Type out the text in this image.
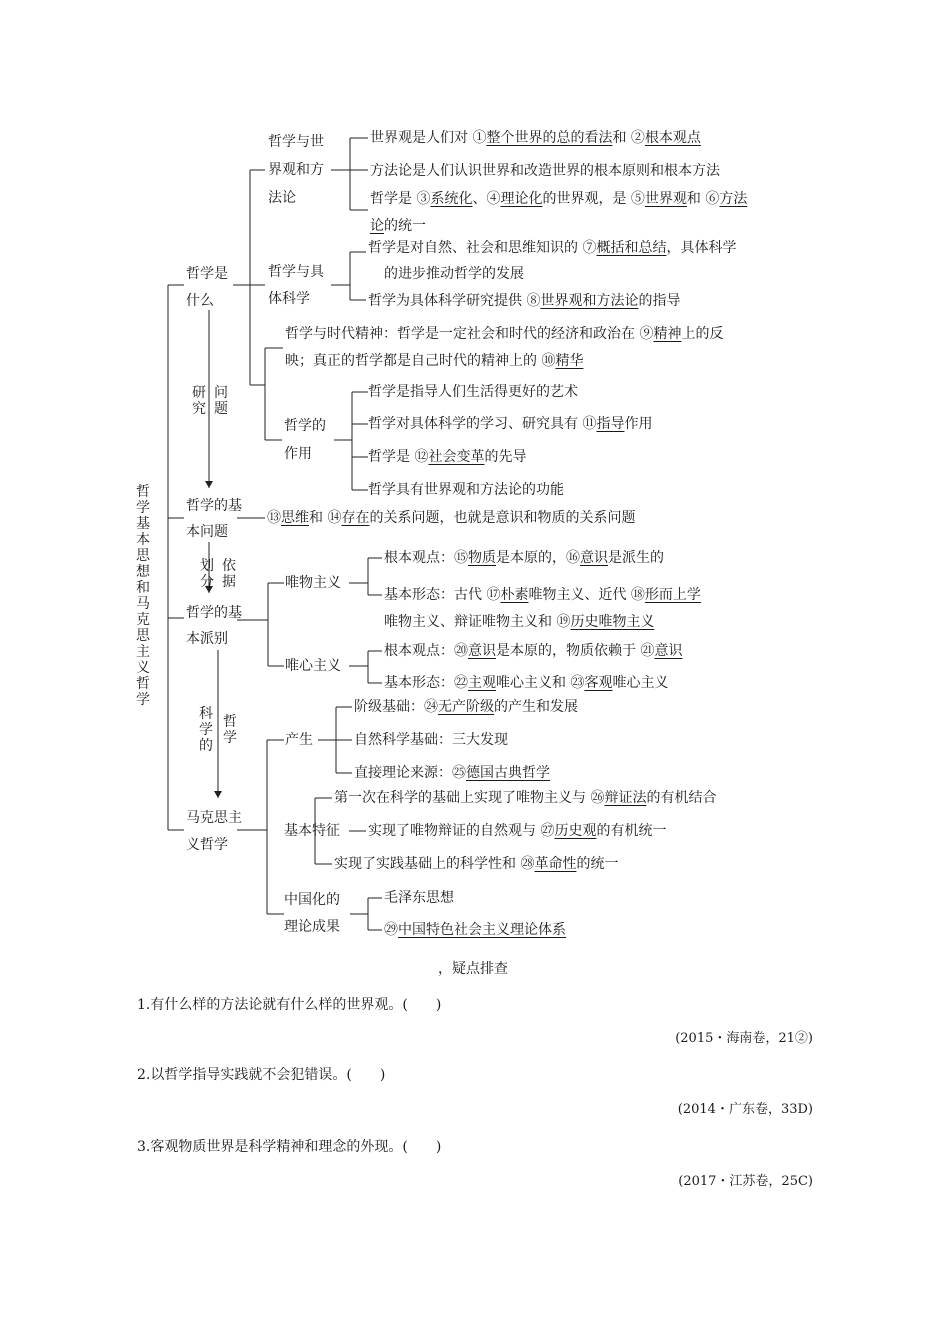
哲学基本思想和马克思主义哲学
哲学是
什么
哲学的基
本问题
哲学的基
本派别
马克思主
义哲学
研究
问题
划分
依据
科学的
哲学
哲学与世
界观和方
法论
哲学与具
体科学
哲学的
作用
唯物主义
唯心主义
产生
基本特征
中国化的
理论成果
世界观是人们对 ①整个世界的总的看法和 ②根本观点
方法论是人们认识世界和改造世界的根本原则和根本方法
哲学是 ③系统化、④理论化的世界观，是 ⑤世界观和 ⑥方法
论的统一
哲学是对自然、社会和思维知识的 ⑦概括和总结，具体科学
的进步推动哲学的发展
哲学为具体科学研究提供 ⑧世界观和方法论的指导
哲学与时代精神：哲学是一定社会和时代的经济和政治在 ⑨精神上的反
映；真正的哲学都是自己时代的精神上的 ⑩精华
哲学是指导人们生活得更好的艺术
哲学对具体科学的学习、研究具有 ⑪指导作用
哲学是 ⑫社会变革的先导
哲学具有世界观和方法论的功能
⑬思维和 ⑭存在的关系问题，也就是意识和物质的关系问题
根本观点：⑮物质是本原的，⑯意识是派生的
基本形态：古代 ⑰朴素唯物主义、近代 ⑱形而上学
唯物主义、辩证唯物主义和 ⑲历史唯物主义
根本观点：⑳意识是本原的，物质依赖于 ㉑意识
基本形态：㉒主观唯心主义和 ㉓客观唯心主义
阶级基础：㉔无产阶级的产生和发展
自然科学基础：三大发现
直接理论来源：㉕德国古典哲学
第一次在科学的基础上实现了唯物主义与 ㉖辩证法的有机结合
实现了唯物辩证的自然观与 ㉗历史观的有机统一
实现了实践基础上的科学性和 ㉘革命性的统一
毛泽东思想
㉙中国特色社会主义理论体系
，疑点排查
1.有什么样的方法论就有什么样的世界观。(　　)
(2015・海南卷，21②)
2.以哲学指导实践就不会犯错误。(　　)
(2014・广东卷，33D)
3.客观物质世界是科学精神和理念的外现。(　　)
(2017・江苏卷，25C)
